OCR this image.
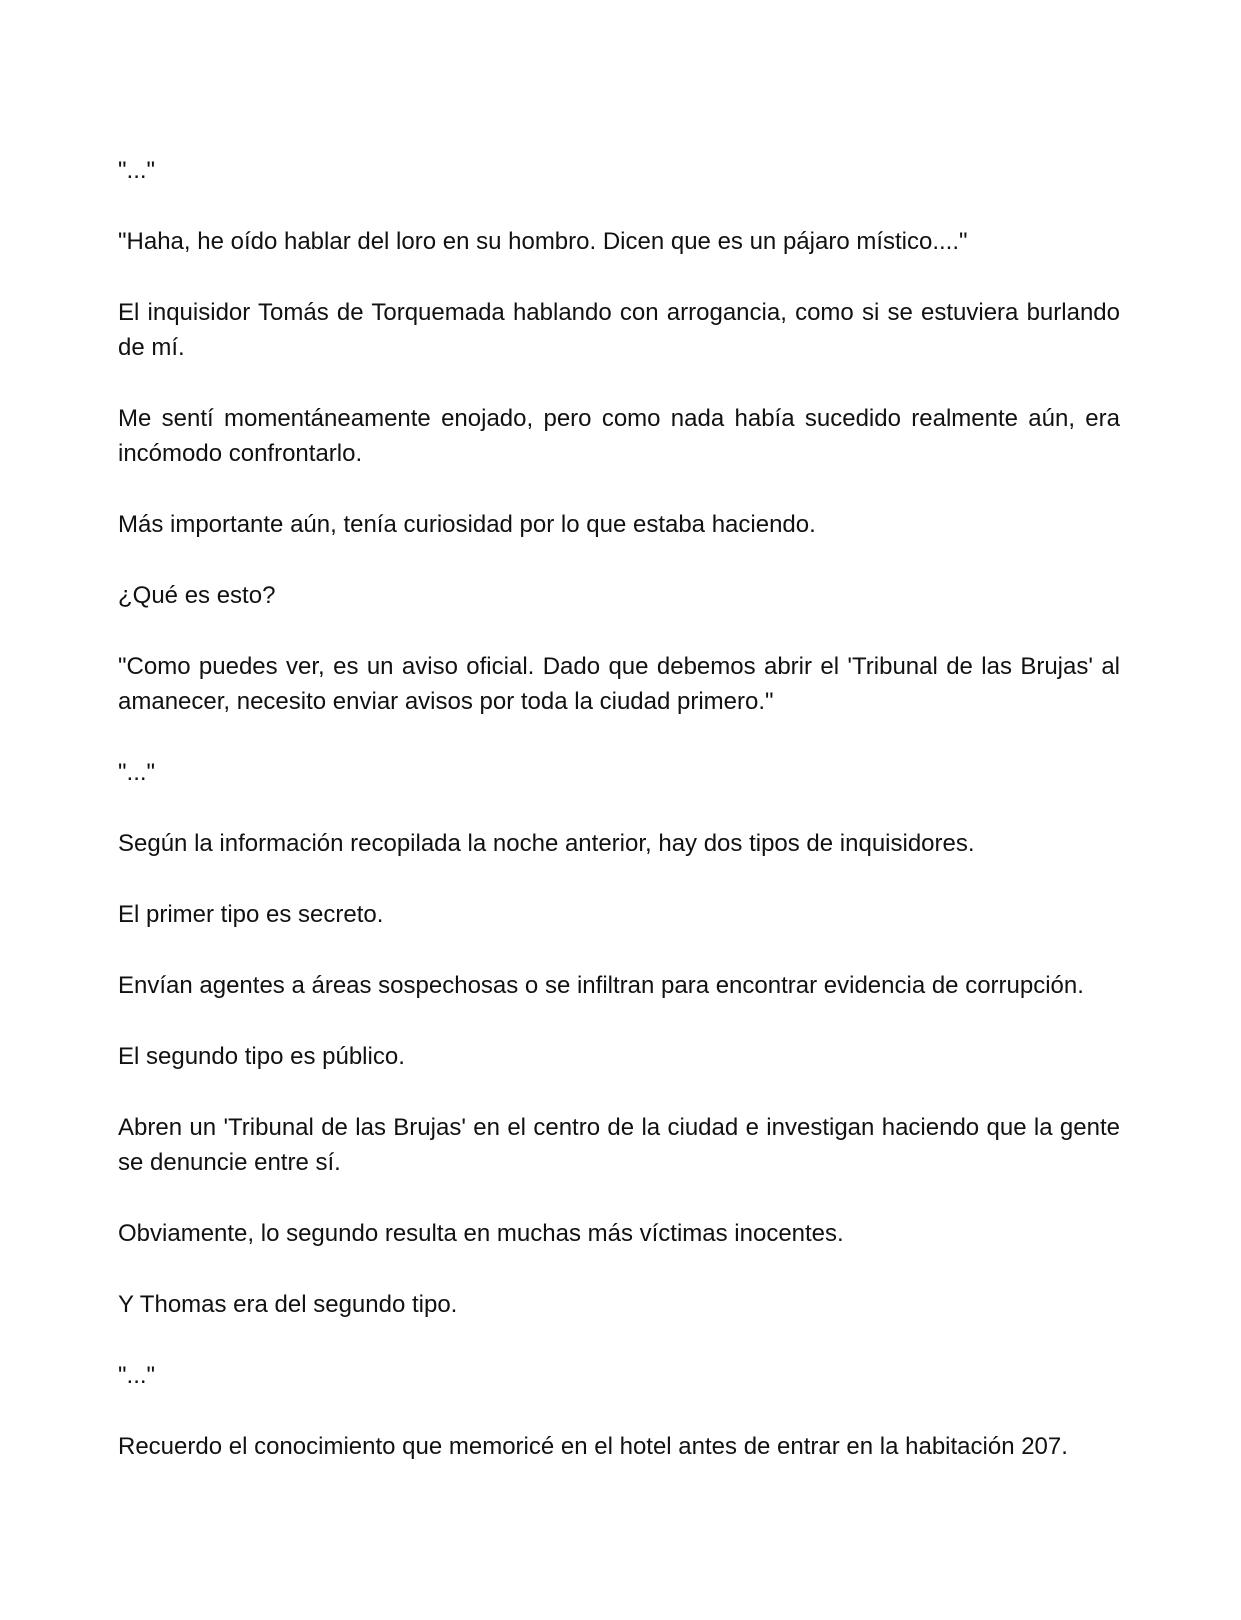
"..."

"Haha, he oído hablar del loro en su hombro. Dicen que es un pájaro místico...."

El inquisidor Tomás de Torquemada hablando con arrogancia, como si se estuviera burlando de mí.

Me sentí momentáneamente enojado, pero como nada había sucedido realmente aún, era incómodo confrontarlo.

Más importante aún, tenía curiosidad por lo que estaba haciendo.

¿Qué es esto?

"Como puedes ver, es un aviso oficial. Dado que debemos abrir el 'Tribunal de las Brujas' al amanecer, necesito enviar avisos por toda la ciudad primero."

"..."

Según la información recopilada la noche anterior, hay dos tipos de inquisidores.

El primer tipo es secreto.

Envían agentes a áreas sospechosas o se infiltran para encontrar evidencia de corrupción.

El segundo tipo es público.

Abren un 'Tribunal de las Brujas' en el centro de la ciudad e investigan haciendo que la gente se denuncie entre sí.

Obviamente, lo segundo resulta en muchas más víctimas inocentes.

Y Thomas era del segundo tipo.

"..."

Recuerdo el conocimiento que memoricé en el hotel antes de entrar en la habitación 207.
